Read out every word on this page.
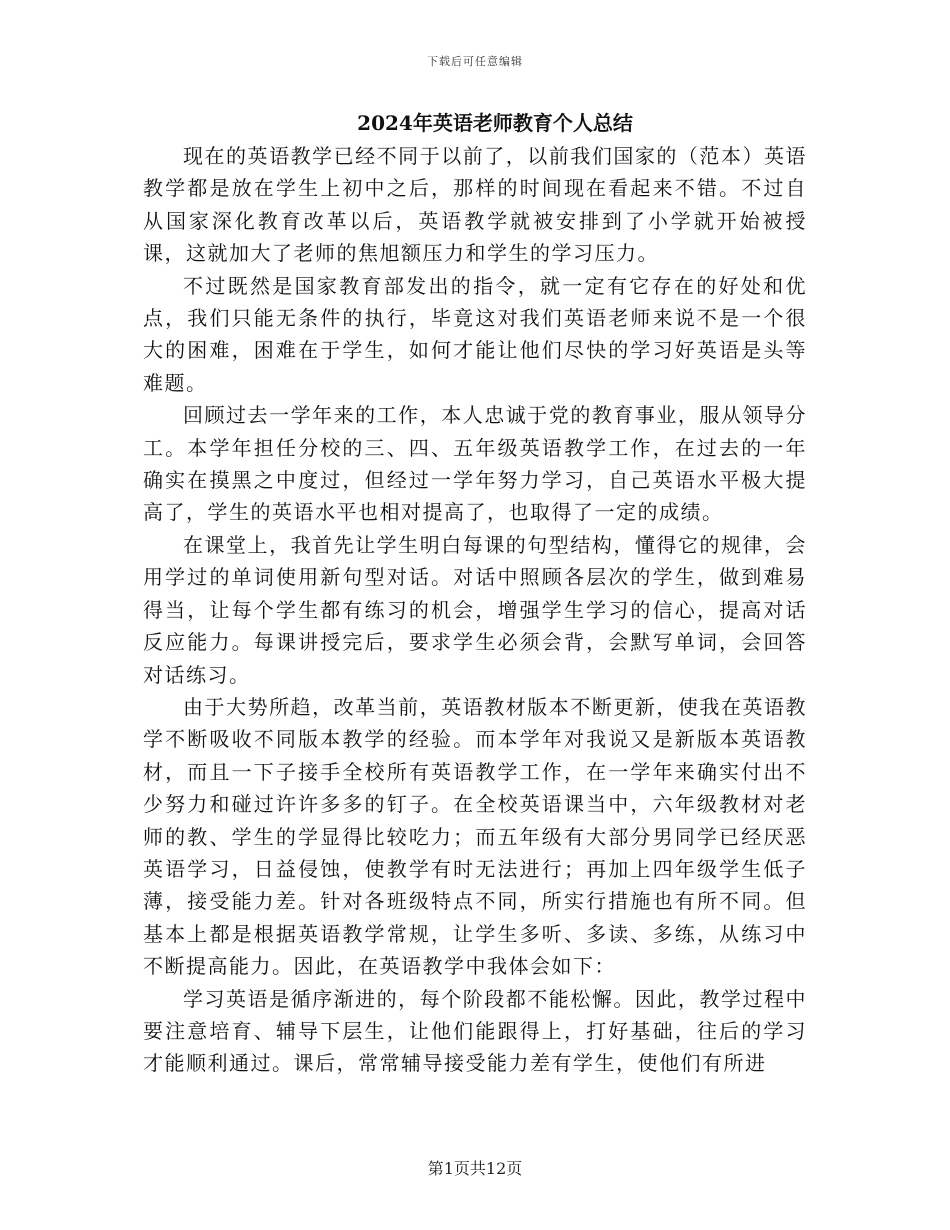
下载后可任意编辑
2024年英语老师教育个人总结

现在的英语教学已经不同于以前了，以前我们国家的（范本）英语教学都是放在学生上初中之后，那样的时间现在看起来不错。不过自从国家深化教育改革以后，英语教学就被安排到了小学就开始被授课，这就加大了老师的焦旭额压力和学生的学习压力。

不过既然是国家教育部发出的指令，就一定有它存在的好处和优点，我们只能无条件的执行，毕竟这对我们英语老师来说不是一个很大的困难，困难在于学生，如何才能让他们尽快的学习好英语是头等难题。

回顾过去一学年来的工作，本人忠诚于党的教育事业，服从领导分工。本学年担任分校的三、四、五年级英语教学工作，在过去的一年确实在摸黑之中度过，但经过一学年努力学习，自己英语水平极大提高了，学生的英语水平也相对提高了，也取得了一定的成绩。

在课堂上，我首先让学生明白每课的句型结构，懂得它的规律，会用学过的单词使用新句型对话。对话中照顾各层次的学生，做到难易得当，让每个学生都有练习的机会，增强学生学习的信心，提高对话反应能力。每课讲授完后，要求学生必须会背，会默写单词，会回答对话练习。

由于大势所趋，改革当前，英语教材版本不断更新，使我在英语教学不断吸收不同版本教学的经验。而本学年对我说又是新版本英语教材，而且一下子接手全校所有英语教学工作，在一学年来确实付出不少努力和碰过许许多多的钉子。在全校英语课当中，六年级教材对老师的教、学生的学显得比较吃力；而五年级有大部分男同学已经厌恶英语学习，日益侵蚀，使教学有时无法进行；再加上四年级学生低子薄，接受能力差。针对各班级特点不同，所实行措施也有所不同。但基本上都是根据英语教学常规，让学生多听、多读、多练，从练习中不断提高能力。因此，在英语教学中我体会如下：

学习英语是循序渐进的，每个阶段都不能松懈。因此，教学过程中要注意培育、辅导下层生，让他们能跟得上，打好基础，往后的学习才能顺利通过。课后，常常辅导接受能力差有学生，使他们有所进

第1页共12页
